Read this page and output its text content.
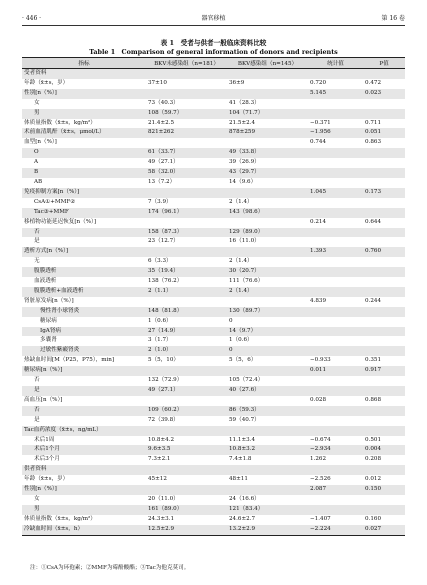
· 446 ·	器官移植	第 16 卷
表 1　受者与供者一般临床资料比较
Table 1　Comparison of general information of donors and recipients
指标	BKV未感染组（n=181）	BKV感染组（n=145）	统计值	P值
受者资料				
年龄（x̄±s，岁）	37±10	36±9	0.720	0.472
性别[n（%）]			5.145	0.023
女	73（40.3）	41（28.3）		
男	108（59.7）	104（71.7）		
体质量指数（x̄±s，kg/m²）	21.4±2.5	21.5±2.4	−0.371	0.711
术前血清肌酐（x̄±s，μmol/L）	821±262	878±259	−1.956	0.051
血型[n（%）]			0.744	0.863
O	61（33.7）	49（33.8）		
A	49（27.1）	39（26.9）		
B	58（32.0）	43（29.7）		
AB	13（7.2）	14（9.6）		
免疫抑制方案[n（%）]			1.045	0.173
CsA①+MMF②	7（3.9）	2（1.4）		
Tac③+MMF	174（96.1）	143（98.6）		
移植物功能延迟恢复[n（%）]			0.214	0.644
否	158（87.3）	129（89.0）		
是	23（12.7）	16（11.0）		
透析方式[n（%）]			1.393	0.760
无	6（3.3）	2（1.4）		
腹膜透析	35（19.4）	30（20.7）		
血液透析	138（76.2）	111（76.6）		
腹膜透析+血液透析	2（1.1）	2（1.4）		
肾脏原发病[n（%）]			4.839	0.244
慢性肾小球肾炎	148（81.8）	130（89.7）		
糖尿病	1（0.6）	0		
IgA肾病	27（14.9）	14（9.7）		
多囊肾	3（1.7）	1（0.6）		
过敏性紫癜肾炎	2（1.0）	0		
热缺血时间[M（P25，P75），min]	5（5，10）	5（5，6）	−0.933	0.351
糖尿病[n（%）]			0.011	0.917
否	132（72.9）	105（72.4）		
是	49（27.1）	40（27.6）		
高血压[n（%）]			0.028	0.868
否	109（60.2）	86（59.3）		
是	72（39.8）	59（40.7）		
Tac血药浓度（x̄±s，ng/mL）				
术后1周	10.8±4.2	11.1±3.4	−0.674	0.501
术后1个月	9.6±3.5	10.8±3.2	−2.934	0.004
术后3个月	7.3±2.1	7.4±1.8	1.262	0.208
供者资料				
年龄（x̄±s，岁）	45±12	48±11	−2.526	0.012
性别[n（%）]			2.087	0.150
女	20（11.0）	24（16.6）		
男	161（89.0）	121（83.4）		
体质量指数（x̄±s，kg/m²）	24.3±3.1	24.6±2.7	−1.407	0.160
冷缺血时间（x̄±s，h）	12.5±2.9	13.2±2.9	−2.224	0.027
注：①CsA为环孢素；②MMF为霉酚酸酯；③Tac为他克莫司。
